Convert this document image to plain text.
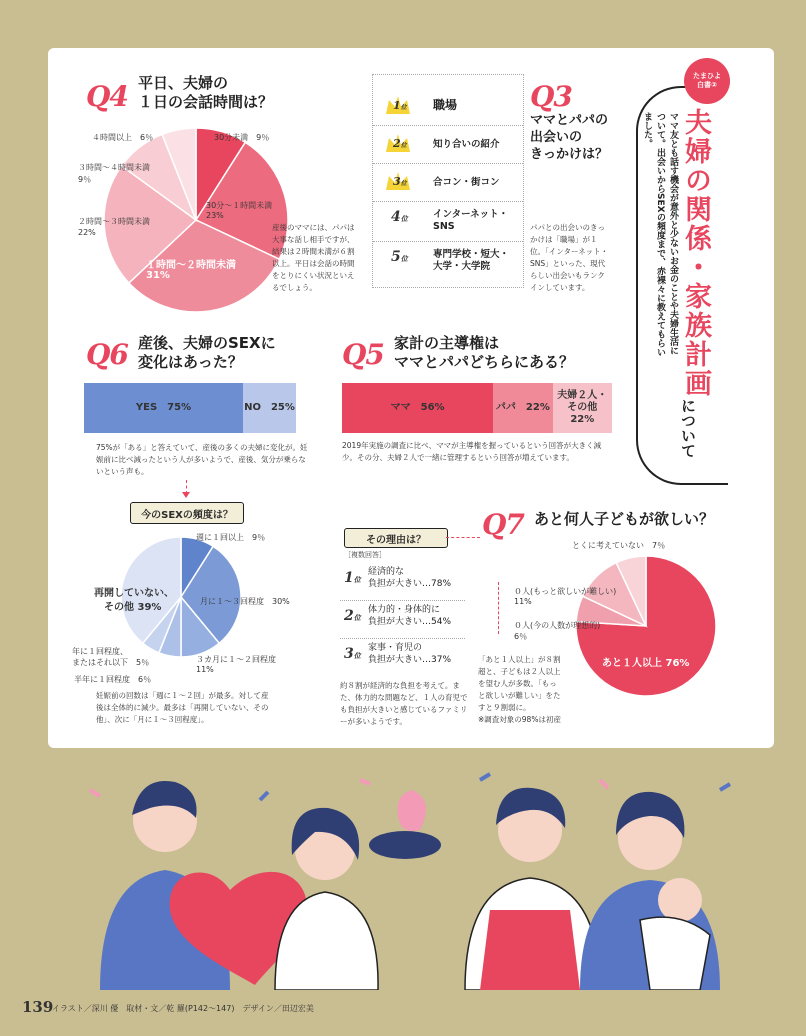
Q4 平日、夫婦の
１日の会話時間は？
30分未満　9％
30分〜１時間未満
23%
１時間〜２時間未満
31%
２時間〜３時間未満
22%
３時間〜４時間未満
9％
４時間以上　6％
産後のママには、パパは大事な話し相手ですが、結果は２時間未満が６割以上。平日は会話の時間をとりにくい状況といえるでしょう。
1位 職場
2位	知り合いの紹介
3位	合コン・街コン
4位	インターネット・
SNS
5位	専門学校・短大・
大学・大学院
Q3
ママとパパの
出会いの
きっかけは？
パパとの出会いのきっかけは「職場」が１位。「インターネット・SNS」といった、現代らしい出会いもランクインしています。
たまひよ白書②
夫婦の関係・家族計画
について
ママ友とも話す機会が意外と少ないお金のことや夫婦生活について。出会いからSEXの頻度まで、赤裸々に教えてもらいました。
Q6 産後、夫婦のSEXに
変化はあった？
YES　75%	NO　25%
75%が「ある」と答えていて、産後の多くの夫婦に変化が。妊娠前に比べ減ったという人が多いようで、産後、気分が乗らないという声も。
今のSEXの頻度は？
週に１回以上　9％
月に１〜３回程度　30%
３カ月に１〜２回程度
11%
半年に１回程度　6％
年に１回程度、
またはそれ以下　5％
再開していない、
その他 39%
妊娠前の回数は「週に１〜２回」が最多。対して産後は全体的に減少。最多は「再開していない、その他」、次に「月に１〜３回程度」。
Q5 家計の主導権は
ママとパパどちらにある？
ママ　56%	パパ　22%
夫婦２人・
その他
22%
2019年実施の調査に比べ、ママが主導権を握っているという回答が大きく減少。その分、夫婦２人で一緒に管理するという回答が増えています。
その理由は？
［複数回答］
1位
経済的な
負担が大きい…78%
2位
体力的・身体的に
負担が大きい…54%
3位
家事・育児の
負担が大きい…37%
約８割が経済的な負担を考えて。また、体力的な問題など、１人の育児でも負担が大きいと感じているファミリーが多いようです。
Q7 あと何人子どもが欲しい？
とくに考えていない　7％
０人(もっと欲しいが難しい)
11%
０人(今の人数が理想的)
6％
あと１人以上 76%
「あと１人以上」が８割超と、子どもは２人以上を望む人が多数。「もっと欲しいが難しい」をたすと９割弱に。
※調査対象の98%は初産
139
イラスト／深川 優　取材・文／乾 羅(P142〜147)　デザイン／田辺宏美
